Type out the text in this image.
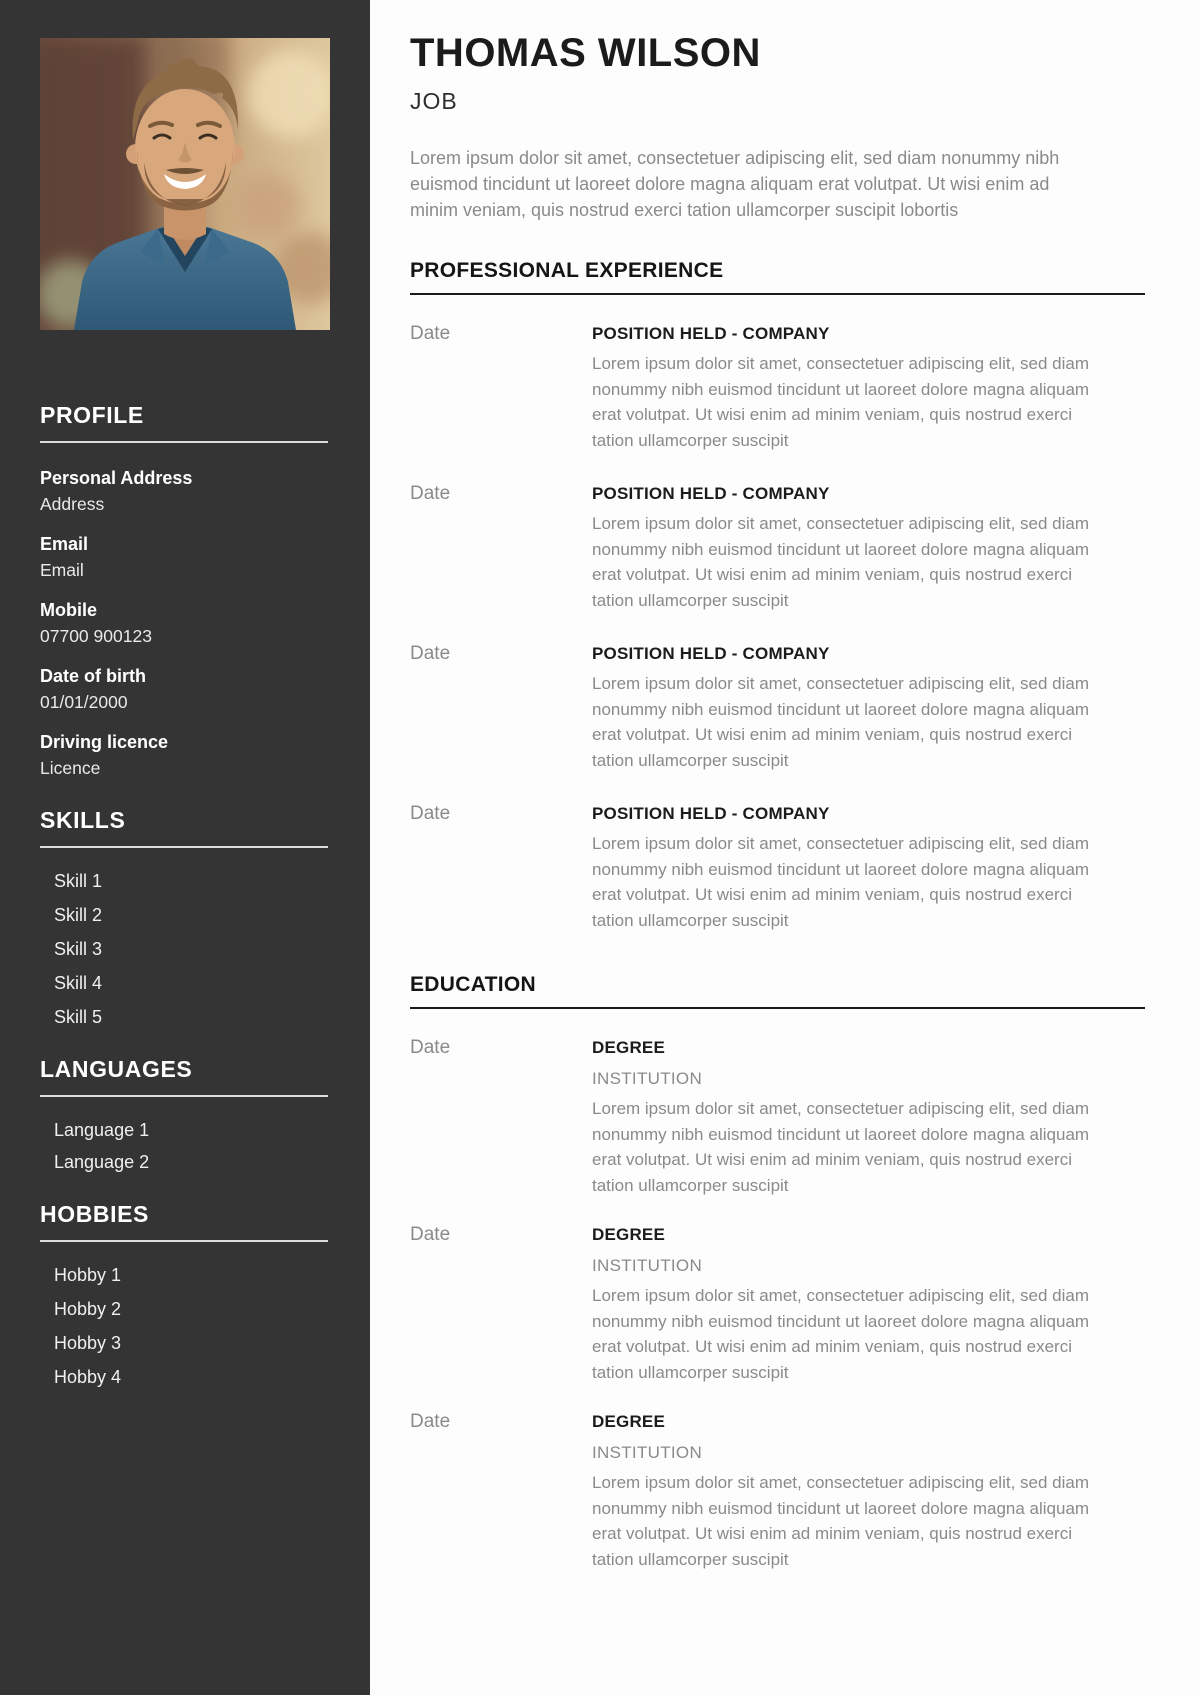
PROFILE
Personal Address
Address
Email
Email
Mobile
07700 900123
Date of birth
01/01/2000
Driving licence
Licence
SKILLS
Skill 1
Skill 2
Skill 3
Skill 4
Skill 5
LANGUAGES
Language 1
Language 2
HOBBIES
Hobby 1
Hobby 2
Hobby 3
Hobby 4
THOMAS WILSON
JOB

Lorem ipsum dolor sit amet, consectetuer adipiscing elit, sed diam nonummy nibh euismod tincidunt ut laoreet dolore magna aliquam erat volutpat. Ut wisi enim ad minim veniam, quis nostrud exerci tation ullamcorper suscipit lobortis

PROFESSIONAL EXPERIENCE
Date	POSITION HELD - COMPANY
Lorem ipsum dolor sit amet, consectetuer adipiscing elit, sed diam nonummy nibh euismod tincidunt ut laoreet dolore magna aliquam erat volutpat. Ut wisi enim ad minim veniam, quis nostrud exerci tation ullamcorper suscipit
Date	POSITION HELD - COMPANY
Lorem ipsum dolor sit amet, consectetuer adipiscing elit, sed diam nonummy nibh euismod tincidunt ut laoreet dolore magna aliquam erat volutpat. Ut wisi enim ad minim veniam, quis nostrud exerci tation ullamcorper suscipit
Date	POSITION HELD - COMPANY
Lorem ipsum dolor sit amet, consectetuer adipiscing elit, sed diam nonummy nibh euismod tincidunt ut laoreet dolore magna aliquam erat volutpat. Ut wisi enim ad minim veniam, quis nostrud exerci tation ullamcorper suscipit
Date	POSITION HELD - COMPANY
Lorem ipsum dolor sit amet, consectetuer adipiscing elit, sed diam nonummy nibh euismod tincidunt ut laoreet dolore magna aliquam erat volutpat. Ut wisi enim ad minim veniam, quis nostrud exerci tation ullamcorper suscipit
EDUCATION
Date	DEGREE
INSTITUTION
Lorem ipsum dolor sit amet, consectetuer adipiscing elit, sed diam nonummy nibh euismod tincidunt ut laoreet dolore magna aliquam erat volutpat. Ut wisi enim ad minim veniam, quis nostrud exerci tation ullamcorper suscipit
Date	DEGREE
INSTITUTION
Lorem ipsum dolor sit amet, consectetuer adipiscing elit, sed diam nonummy nibh euismod tincidunt ut laoreet dolore magna aliquam erat volutpat. Ut wisi enim ad minim veniam, quis nostrud exerci tation ullamcorper suscipit
Date	DEGREE
INSTITUTION
Lorem ipsum dolor sit amet, consectetuer adipiscing elit, sed diam nonummy nibh euismod tincidunt ut laoreet dolore magna aliquam erat volutpat. Ut wisi enim ad minim veniam, quis nostrud exerci tation ullamcorper suscipit
